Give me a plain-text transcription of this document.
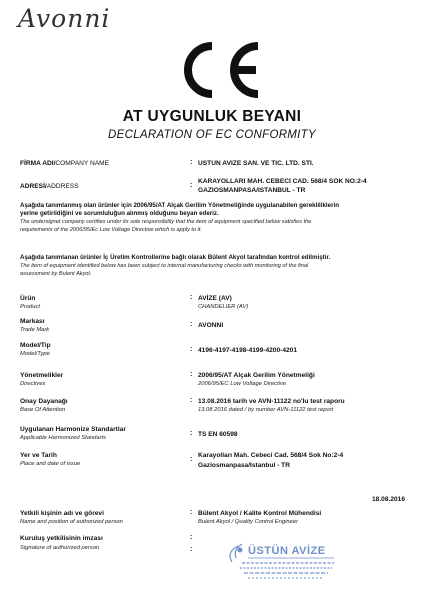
Avonni
AT UYGUNLUK BEYANI
DECLARATION OF EC CONFORMITY
FİRMA ADI/COMPANY NAME	: USTUN AVIZE SAN. VE TIC. LTD. STI.
ADRESİ/ADDRESS	:
KARAYOLLARI MAH. CEBECI CAD. 568/4 SOK NO:2-4
GAZIOSMANPASA/ISTANBUL - TR
Aşağıda tanımlanmış olan ürünler için 2006/95/AT Alçak Gerilim Yönetmeliğinde uygulanabilen gerekliliklerin
yerine getirildiğini ve sorumluluğun alınmış olduğunu beyan ederiz.
The undersignet company certifies under its sole responsibility that the item of equipment specified below satisfies the
requirements of the 2006/95/Ec Low Voltage Directive which is apply to it.
Aşağıda tanımlanan ürünler İç Üretim Kontrollerine bağlı olarak Bülent Akyol tarafından kontrol edilmiştir.
The item of equipment identified below has been subject to internal manufacturing checks with monitoring of the final
assessment by Bulent Akyol.
Ürün
Product
: AVİZE (AV)
CHANDELIER (AV)
Markası
Trade Mark
: AVONNI
Model/Tip
Model/Type
: 4196-4197-4198-4199-4200-4201
Yönetmelikler
Directives
: 2006/95/AT Alçak Gerilim Yönetmeliği
2006/95/EC Low Voltage Directive
Onay Dayanağı
Base Of Attention
: 13.08.2016 tarih ve AVN-11122 no'lu test raporu
13.08.2016 dated / by number AVN-11122 test report
Uygulanan Harmonize Standartlar
Applicable Harmonized Standarts
: TS EN 60598
Yer ve Tarih
Place and date of issue
:
Karayolları Mah. Cebeci Cad. 568/4 Sok No:2-4
Gaziosmanpasa/Istanbul - TR
18.08.2016
Yetkili kişinin adı ve görevi
Name and position of authorized person
: Bülent Akyol / Kalite Kontrol Mühendisi
Bulent Akyol / Quality Control Engineer
Kuruluş yetkilisinin imzası
Signature of authorized person
:
:	ÜSTÜN AVİZE
